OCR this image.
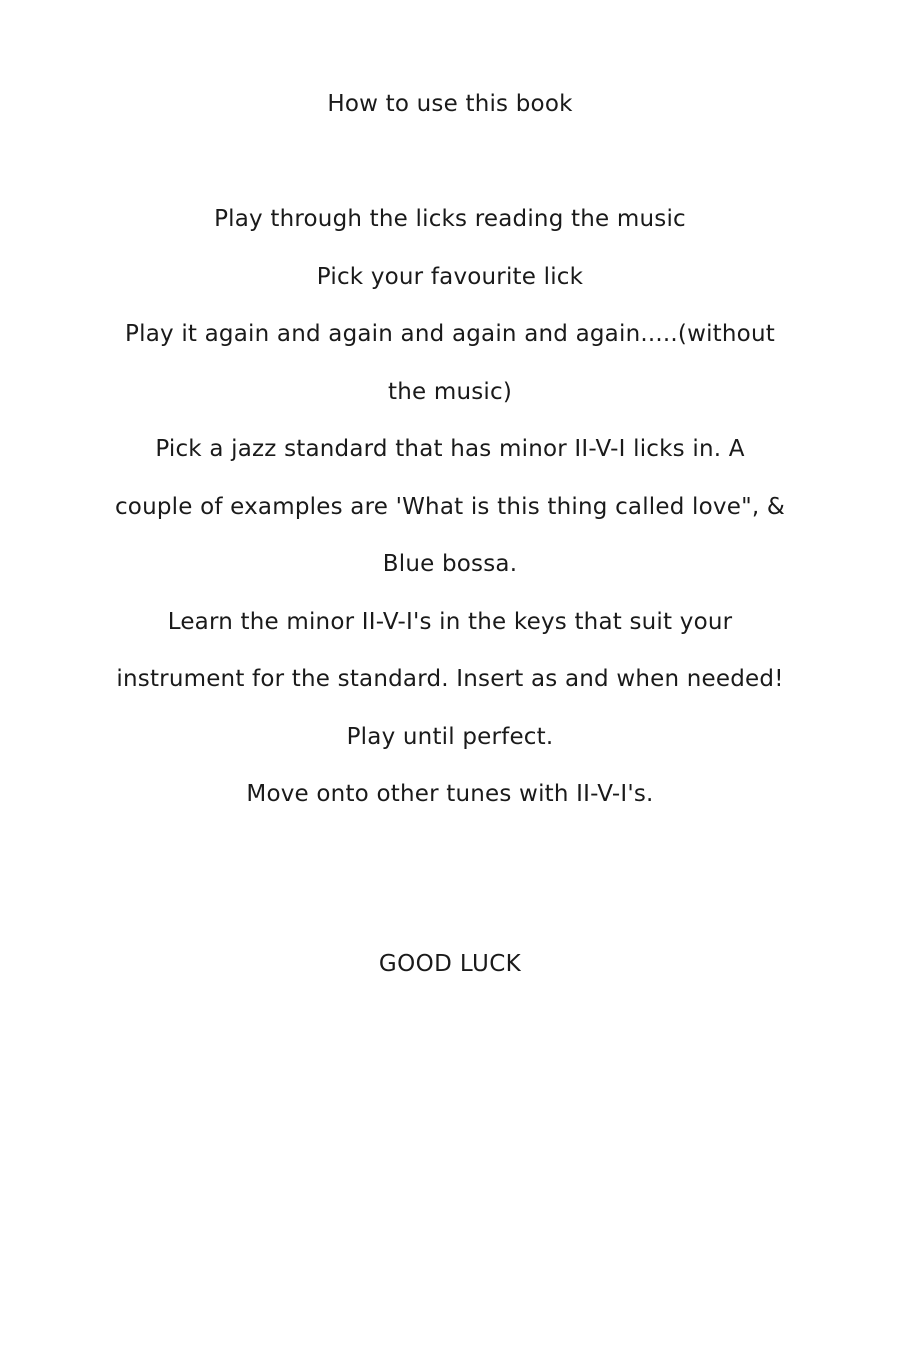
How to use this book
Play through the licks reading the music
Pick your favourite lick
Play it again and again and again and again.....(without
the music)
Pick a jazz standard that has minor II-V-I licks in. A
couple of examples are 'What is this thing called love", &
Blue bossa.
Learn the minor II-V-I's in the keys that suit your
instrument for the standard. Insert as and when needed!
Play until perfect.
Move onto other tunes with II-V-I's.
GOOD LUCK
